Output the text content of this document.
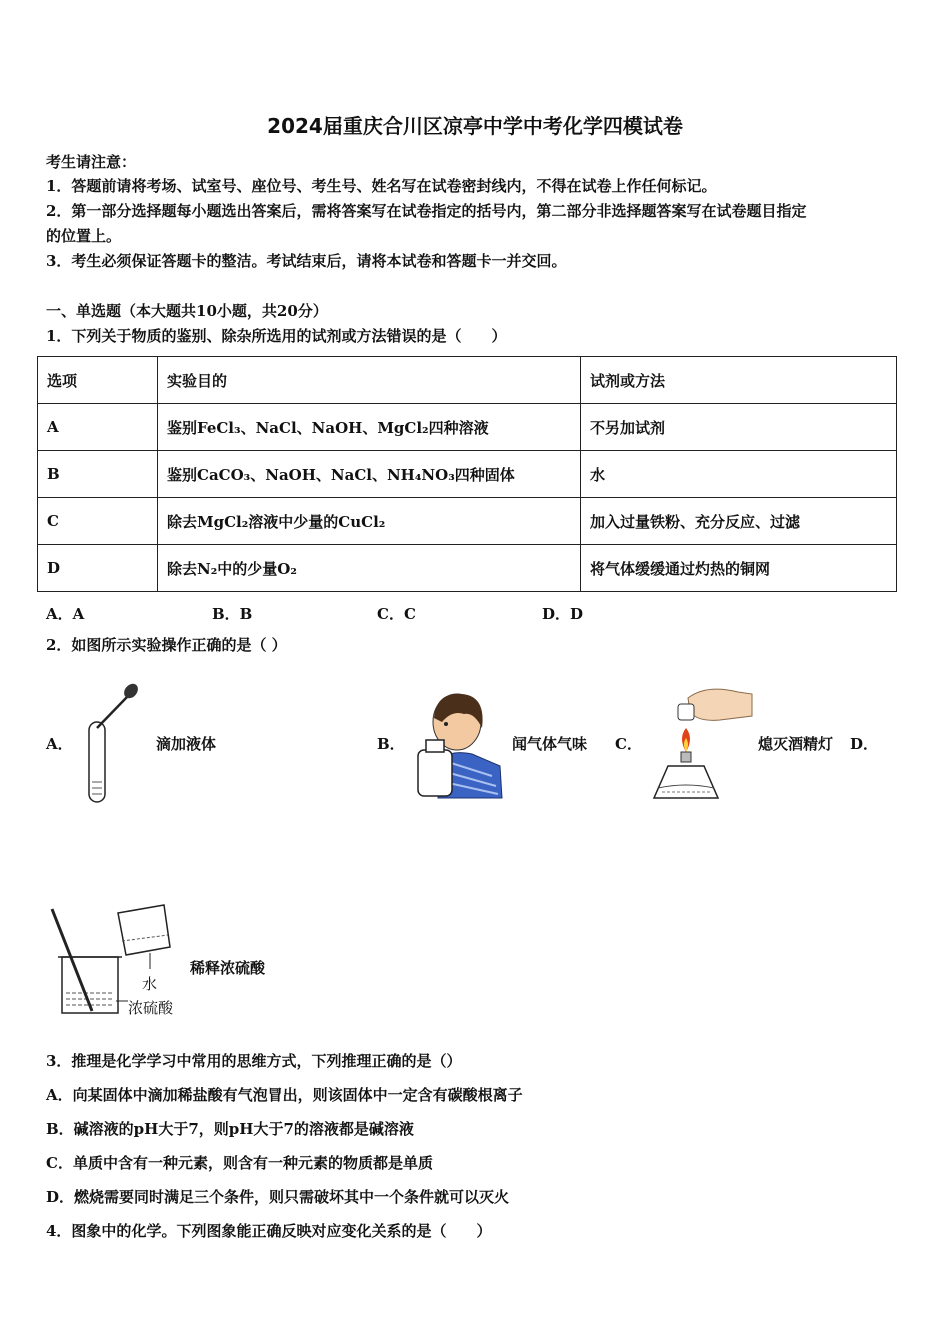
2024届重庆合川区凉亭中学中考化学四模试卷
考生请注意：
1．答题前请将考场、试室号、座位号、考生号、姓名写在试卷密封线内，不得在试卷上作任何标记。
2．第一部分选择题每小题选出答案后，需将答案写在试卷指定的括号内，第二部分非选择题答案写在试卷题目指定
的位置上。
3．考生必须保证答题卡的整洁。考试结束后，请将本试卷和答题卡一并交回。
一、单选题（本大题共10小题，共20分）
1．下列关于物质的鉴别、除杂所选用的试剂或方法错误的是（　　）
选项	实验目的	试剂或方法
A	鉴别FeCl₃、NaCl、NaOH、MgCl₂四种溶液	不另加试剂
B	鉴别CaCO₃、NaOH、NaCl、NH₄NO₃四种固体	水
C	除去MgCl₂溶液中少量的CuCl₂	加入过量铁粉、充分反应、过滤
D	除去N₂中的少量O₂	将气体缓缓通过灼热的铜网
A．A	B．B	C．C	D．D
2．如图所示实验操作正确的是（ ）
A．	滴加液体	B．	闻气体气味 C．	熄灭酒精灯 D．
水
浓硫酸
稀释浓硫酸
3．推理是化学学习中常用的思维方式，下列推理正确的是（）
A．向某固体中滴加稀盐酸有气泡冒出，则该固体中一定含有碳酸根离子
B．碱溶液的pH大于7，则pH大于7的溶液都是碱溶液
C．单质中含有一种元素，则含有一种元素的物质都是单质
D．燃烧需要同时满足三个条件，则只需破坏其中一个条件就可以灭火
4．图象中的化学。下列图象能正确反映对应变化关系的是（　　）
